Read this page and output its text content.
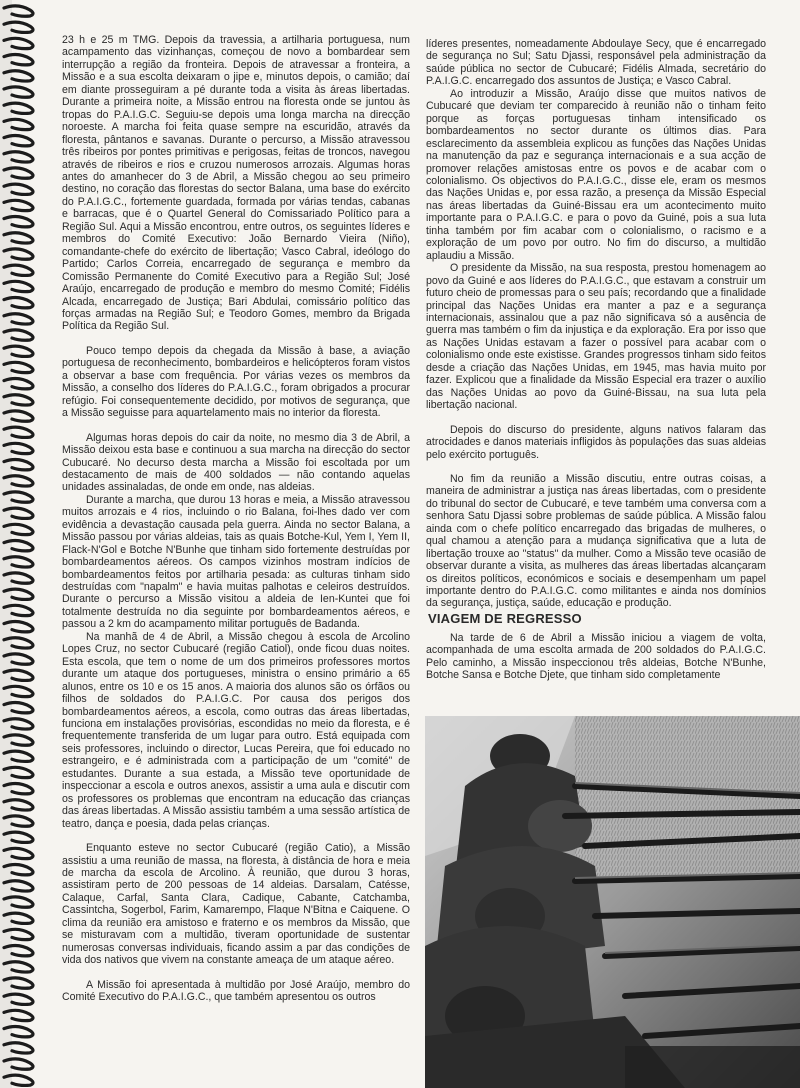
23 h e 25 m TMG. Depois da travessia, a artilharia portuguesa, num acampamento das vizinhanças, começou de novo a bombardear sem interrupção a região da fronteira. Depois de atravessar a fronteira, a Missão e a sua escolta deixaram o jipe e, minutos depois, o camião; daí em diante prosseguiram a pé durante toda a visita às áreas libertadas. Durante a primeira noite, a Missão entrou na floresta onde se juntou às tropas do P.A.I.G.C. Seguiu-se depois uma longa marcha na direcção noroeste. A marcha foi feita quase sempre na escuridão, através da floresta, pântanos e savanas. Durante o percurso, a Missão atravessou três ribeiros por pontes primitivas e perigosas, feitas de troncos, navegou através de ribeiros e rios e cruzou numerosos arrozais. Algumas horas antes do amanhecer do 3 de Abril, a Missão chegou ao seu primeiro destino, no coração das florestas do sector Balana, uma base do exército do P.A.I.G.C., fortemente guardada, formada por várias tendas, cabanas e barracas, que é o Quartel General do Comissariado Político para a Região Sul. Aqui a Missão encontrou, entre outros, os seguintes líderes e membros do Comité Executivo: João Bernardo Vieira (Niño), comandante-chefe do exército de libertação; Vasco Cabral, ideólogo do Partido; Carlos Correia, encarregado de segurança e membro da Comissão Permanente do Comité Executivo para a Região Sul; José Araújo, encarregado de produção e membro do mesmo Comité; Fidélis Alcada, encarregado de Justiça; Bari Abdulai, comissário político das forças armadas na Região Sul; e Teodoro Gomes, membro da Brigada Política da Região Sul.

Pouco tempo depois da chegada da Missão à base, a aviação portuguesa de reconhecimento, bombardeiros e helicópteros foram vistos a observar a base com frequência. Por várias vezes os membros da Missão, a conselho dos líderes do P.A.I.G.C., foram obrigados a procurar refúgio. Foi consequentemente decidido, por motivos de segurança, que a Missão seguisse para aquartelamento mais no interior da floresta.

Algumas horas depois do cair da noite, no mesmo dia 3 de Abril, a Missão deixou esta base e continuou a sua marcha na direcção do sector Cubucaré. No decurso desta marcha a Missão foi escoltada por um destacamento de mais de 400 soldados — não contando aquelas unidades assinaladas, de onde em onde, nas aldeias.

Durante a marcha, que durou 13 horas e meia, a Missão atravessou muitos arrozais e 4 rios, incluindo o rio Balana, foi-lhes dado ver com evidência a devastação causada pela guerra. Ainda no sector Balana, a Missão passou por várias aldeias, tais as quais Botche-Kul, Yem I, Yem II, Flack-N'Gol e Botche N'Bunhe que tinham sido fortemente destruídas por bombardeamentos aéreos. Os campos vizinhos mostram indícios de bombardeamentos feitos por artilharia pesada: as culturas tinham sido destruídas com "napalm" e havia muitas palhotas e celeiros destruídos. Durante o percurso a Missão visitou a aldeia de Ien-Kuntei que foi totalmente destruída no dia seguinte por bombardeamentos aéreos, e passou a 2 km do acampamento militar português de Badanda.

Na manhã de 4 de Abril, a Missão chegou à escola de Arcolino Lopes Cruz, no sector Cubucaré (região Catiol), onde ficou duas noites. Esta escola, que tem o nome de um dos primeiros professores mortos durante um ataque dos portugueses, ministra o ensino primário a 65 alunos, entre os 10 e os 15 anos. A maioria dos alunos são os órfãos ou filhos de soldados do P.A.I.G.C. Por causa dos perigos dos bombardeamentos aéreos, a escola, como outras das áreas libertadas, funciona em instalações provisórias, escondidas no meio da floresta, e é frequentemente transferida de um lugar para outro. Está equipada com seis professores, incluindo o director, Lucas Pereira, que foi educado no estrangeiro, e é administrada com a participação de um "comité" de estudantes. Durante a sua estada, a Missão teve oportunidade de inspeccionar a escola e outros anexos, assistir a uma aula e discutir com os professores os problemas que encontram na educação das crianças das áreas libertadas. A Missão assistiu também a uma sessão artística de teatro, dança e poesia, dada pelas crianças.

Enquanto esteve no sector Cubucaré (região Catio), a Missão assistiu a uma reunião de massa, na floresta, à distância de hora e meia de marcha da escola de Arcolino. À reunião, que durou 3 horas, assistiram perto de 200 pessoas de 14 aldeias. Darsalam, Catésse, Calaque, Carfal, Santa Clara, Cadique, Cabante, Catchamba, Cassintcha, Sogerbol, Farim, Kamarempo, Flaque N'Bitna e Caiquene. O clima da reunião era amistoso e fraterno e os membros da Missão, que se misturavam com a multidão, tiveram oportunidade de sustentar numerosas conversas individuais, ficando assim a par das condições de vida dos nativos que vivem na constante ameaça de um ataque aéreo.

A Missão foi apresentada à multidão por José Araújo, membro do Comité Executivo do P.A.I.G.C., que também apresentou os outros

líderes presentes, nomeadamente Abdoulaye Secy, que é encarregado de segurança no Sul; Satu Djassi, responsável pela administração da saúde pública no sector de Cubucaré; Fidélis Almada, secretário do P.A.I.G.C. encarregado dos assuntos de Justiça; e Vasco Cabral.

Ao introduzir a Missão, Araújo disse que muitos nativos de Cubucaré que deviam ter comparecido à reunião não o tinham feito porque as forças portuguesas tinham intensificado os bombardeamentos no sector durante os últimos dias. Para esclarecimento da assembleia explicou as funções das Nações Unidas na manutenção da paz e segurança internacionais e a sua acção de promover relações amistosas entre os povos e de acabar com o colonialismo. Os objectivos do P.A.I.G.C., disse ele, eram os mesmos das Nações Unidas e, por essa razão, a presença da Missão Especial nas áreas libertadas da Guiné-Bissau era um acontecimento muito importante para o P.A.I.G.C. e para o povo da Guiné, pois a sua luta tinha também por fim acabar com o colonialismo, o racismo e a exploração de um povo por outro. No fim do discurso, a multidão aplaudiu a Missão.

O presidente da Missão, na sua resposta, prestou homenagem ao povo da Guiné e aos líderes do P.A.I.G.C., que estavam a construir um futuro cheio de promessas para o seu país; recordando que a finalidade principal das Nações Unidas era manter a paz e a segurança internacionais, assinalou que a paz não significava só a ausência de guerra mas também o fim da injustiça e da exploração. Era por isso que as Nações Unidas estavam a fazer o possível para acabar com o colonialismo onde este existisse. Grandes progressos tinham sido feitos desde a criação das Nações Unidas, em 1945, mas havia muito por fazer. Explicou que a finalidade da Missão Especial era trazer o auxílio das Nações Unidas ao povo da Guiné-Bissau, na sua luta pela libertação nacional.

Depois do discurso do presidente, alguns nativos falaram das atrocidades e danos materiais infligidos às populações das suas aldeias pelo exército português.

No fim da reunião a Missão discutiu, entre outras coisas, a maneira de administrar a justiça nas áreas libertadas, com o presidente do tribunal do sector de Cubucaré, e teve também uma conversa com a senhora Satu Djassi sobre problemas de saúde pública. A Missão falou ainda com o chefe político encarregado das brigadas de mulheres, o qual chamou a atenção para a mudança significativa que a luta de libertação trouxe ao "status" da mulher. Como a Missão teve ocasião de observar durante a visita, as mulheres das áreas libertadas alcançaram os direitos políticos, económicos e sociais e desempenham um papel importante dentro do P.A.I.G.C. como militantes e ainda nos domínios da segurança, justiça, saúde, educação e produção.

VIAGEM DE REGRESSO

Na tarde de 6 de Abril a Missão iniciou a viagem de volta, acompanhada de uma escolta armada de 200 soldados do P.A.I.G.C. Pelo caminho, a Missão inspeccionou três aldeias, Botche N'Bunhe, Botche Sansa e Botche Djete, que tinham sido completamente
